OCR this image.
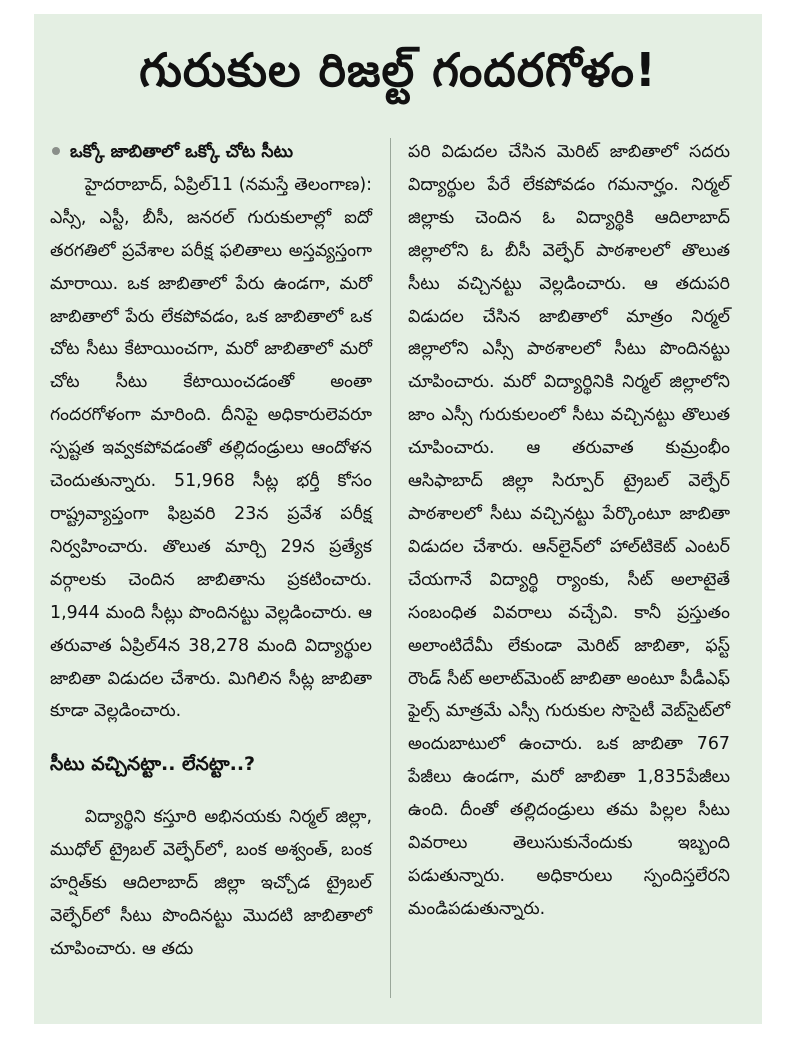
గురుకుల రిజల్ట్ గందరగోళం!

ఒక్కో జాబితాలో ఒక్కో చోట సీటు

హైదరాబాద్, ఏప్రిల్11 (నమస్తే తెలంగాణ): ఎస్సీ, ఎస్టీ, బీసీ, జనరల్ గురుకులాల్లో ఐదో తరగతిలో ప్రవేశాల పరీక్ష ఫలితాలు అస్తవ్యస్తంగా మారాయి. ఒక జాబితాలో పేరు ఉండగా, మరో జాబితాలో పేరు లేకపోవడం, ఒక జాబితాలో ఒక చోట సీటు కేటాయించగా, మరో జాబితాలో మరో చోట సీటు కేటాయించడంతో అంతా గందరగోళంగా మారింది. దీనిపై అధికారులెవరూ స్పష్టత ఇవ్వకపోవడంతో తల్లిదండ్రులు ఆందోళన చెందుతున్నారు. 51,968 సీట్ల భర్తీ కోసం రాష్ట్రవ్యాప్తంగా ఫిబ్రవరి 23న ప్రవేశ పరీక్ష నిర్వహించారు. తొలుత మార్చి 29న ప్రత్యేక వర్గాలకు చెందిన జాబితాను ప్రకటించారు. 1,944 మంది సీట్లు పొందినట్టు వెల్లడించారు. ఆ తరువాత ఏప్రిల్4న 38,278 మంది విద్యార్థుల జాబితా విడుదల చేశారు. మిగిలిన సీట్ల జాబితా కూడా వెల్లడించారు.

సీటు వచ్చినట్టా.. లేనట్టా..?

విద్యార్థిని కస్తూరి అభినయకు నిర్మల్ జిల్లా, ముధోల్ ట్రైబల్ వెల్ఫేర్‌లో, బంక అశ్వంత్, బంక హర్షిత్‌కు ఆదిలాబాద్ జిల్లా ఇచ్చోడ ట్రైబల్ వెల్ఫేర్‌లో సీటు పొందినట్టు మొదటి జాబితాలో చూపించారు. ఆ తదు

పరి విడుదల చేసిన మెరిట్ జాబితాలో సదరు విద్యార్థుల పేరే లేకపోవడం గమనార్హం. నిర్మల్ జిల్లాకు చెందిన ఓ విద్యార్థికి ఆదిలాబాద్ జిల్లాలోని ఓ బీసీ వెల్ఫేర్ పాఠశాలలో తొలుత సీటు వచ్చినట్టు వెల్లడించారు. ఆ తదుపరి విడుదల చేసిన జాబితాలో మాత్రం నిర్మల్ జిల్లాలోని ఎస్సీ పాఠశాలలో సీటు పొందినట్టు చూపించారు. మరో విద్యార్థినికి నిర్మల్ జిల్లాలోని జాం ఎస్సీ గురుకులంలో సీటు వచ్చినట్టు తొలుత చూపించారు. ఆ తరువాత కుమ్రంభీం ఆసిఫాబాద్ జిల్లా సిర్పూర్ ట్రైబల్ వెల్ఫేర్ పాఠశాలలో సీటు వచ్చినట్టు పేర్కొంటూ జాబితా విడుదల చేశారు. ఆన్‌లైన్‌లో హాల్‌టికెట్ ఎంటర్ చేయగానే విద్యార్థి ర్యాంకు, సీట్ అలాటైతే సంబంధిత వివరాలు వచ్చేవి. కానీ ప్రస్తుతం అలాంటిదేమీ లేకుండా మెరిట్ జాబితా, ఫస్ట్ రౌండ్ సీట్ అలాట్‌మెంట్ జాబితా అంటూ పీడీఎఫ్ ఫైల్స్ మాత్రమే ఎస్సీ గురుకుల సొసైటీ వెబ్‌సైట్‌లో అందుబాటులో ఉంచారు. ఒక జాబితా 767 పేజీలు ఉండగా, మరో జాబితా 1,835పేజీలు ఉంది. దీంతో తల్లిదండ్రులు తమ పిల్లల సీటు వివరాలు తెలుసుకునేందుకు ఇబ్బంది పడుతున్నారు. అధికారులు స్పందిస్తలేరని మండిపడుతున్నారు.
